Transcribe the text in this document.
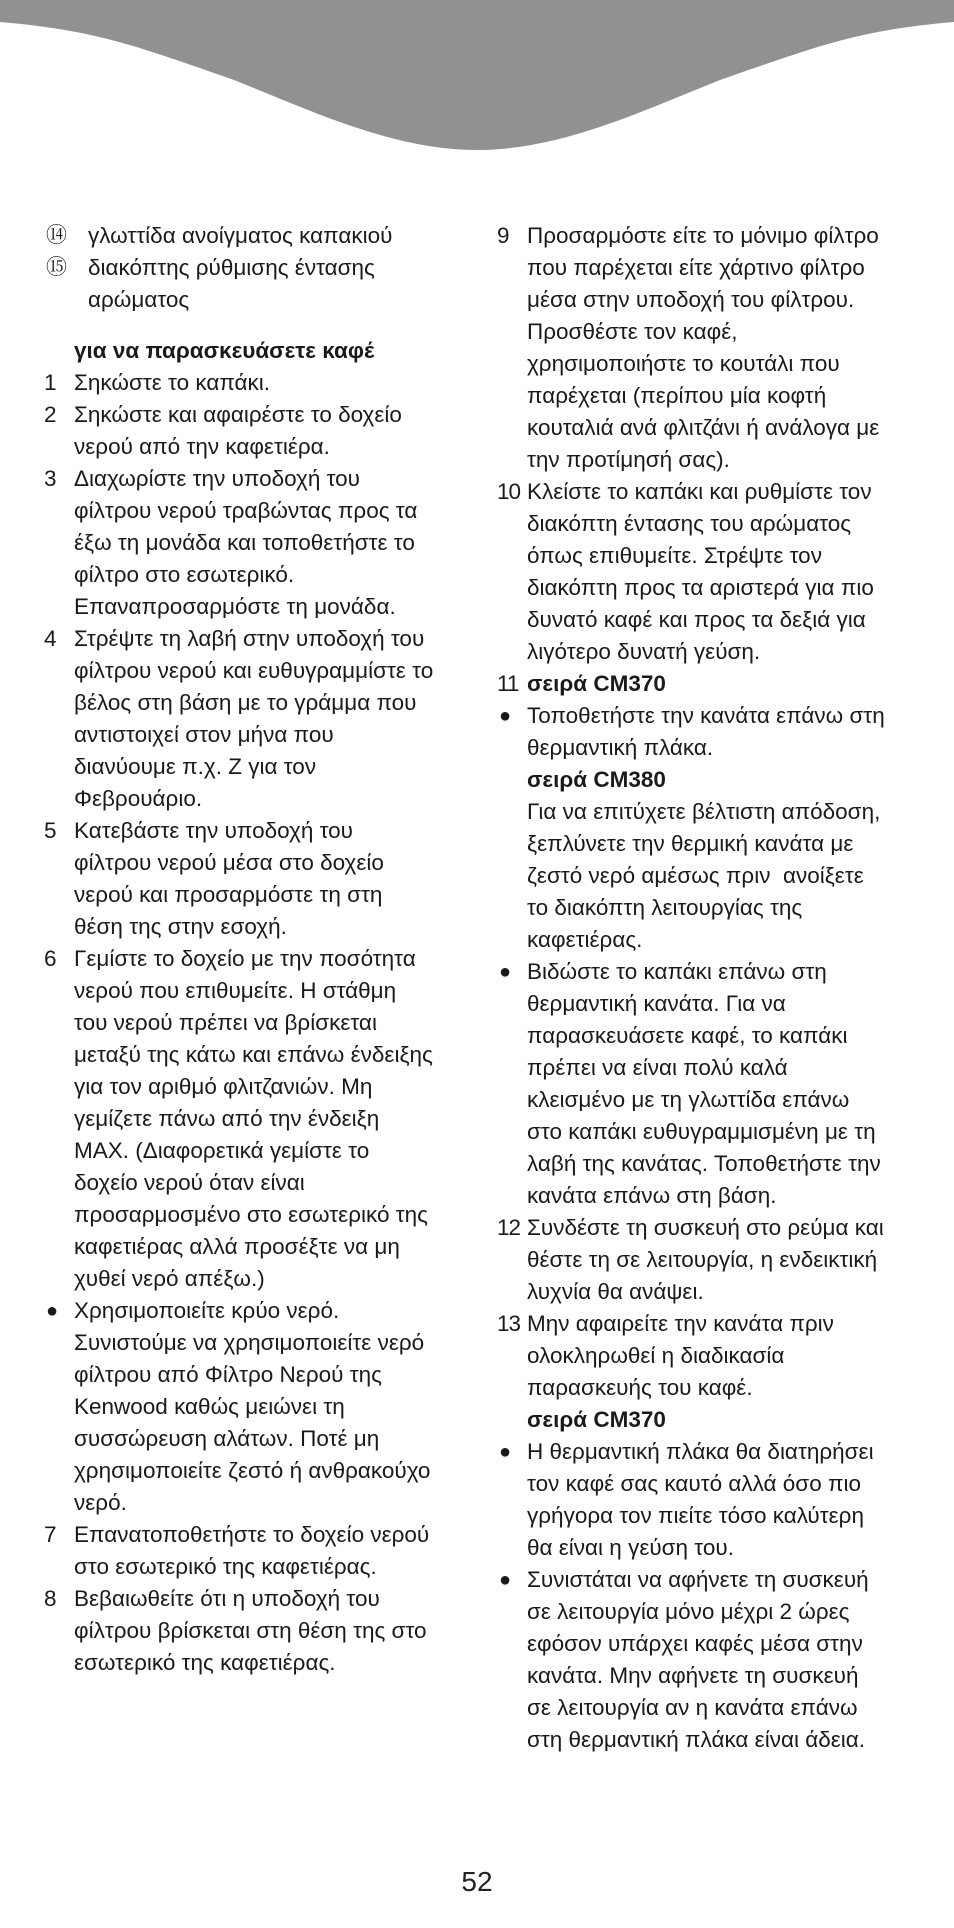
⑭ γλωττίδα ανοίγματος καπακιού
⑮ διακόπτης ρύθμισης έντασης
αρώματος
για να παρασκευάσετε καφέ
1 Σηκώστε το καπάκι.
2 Σηκώστε και αφαιρέστε το δοχείο
νερού από την καφετιέρα.
3 Διαχωρίστε την υποδοχή του
φίλτρου νερού τραβώντας προς τα
έξω τη μονάδα και τοποθετήστε το
φίλτρο στο εσωτερικό.
Επαναπροσαρμόστε τη μονάδα.
4 Στρέψτε τη λαβή στην υποδοχή του
φίλτρου νερού και ευθυγραμμίστε το
βέλος στη βάση με το γράμμα που
αντιστοιχεί στον μήνα που
διανύουμε π.χ. Z για τον
Φεβρουάριο.
5 Κατεβάστε την υποδοχή του
φίλτρου νερού μέσα στο δοχείο
νερού και προσαρμόστε τη στη
θέση της στην εσοχή.
6 Γεμίστε το δοχείο με την ποσότητα
νερού που επιθυμείτε. Η στάθμη
του νερού πρέπει να βρίσκεται
μεταξύ της κάτω και επάνω ένδειξης
για τον αριθμό φλιτζανιών. Μη
γεμίζετε πάνω από την ένδειξη
MAX. (Διαφορετικά γεμίστε το
δοχείο νερού όταν είναι
προσαρμοσμένο στο εσωτερικό της
καφετιέρας αλλά προσέξτε να μη
χυθεί νερό απέξω.)
● Χρησιμοποιείτε κρύο νερό.
Συνιστούμε να χρησιμοποιείτε νερό
φίλτρου από Φίλτρο Νερού της
Kenwood καθώς μειώνει τη
συσσώρευση αλάτων. Ποτέ μη
χρησιμοποιείτε ζεστό ή ανθρακούχο
νερό.
7 Επανατοποθετήστε το δοχείο νερού
στο εσωτερικό της καφετιέρας.
8 Βεβαιωθείτε ότι η υποδοχή του
φίλτρου βρίσκεται στη θέση της στο
εσωτερικό της καφετιέρας.
9 Προσαρμόστε είτε το μόνιμο φίλτρο
που παρέχεται είτε χάρτινο φίλτρο
μέσα στην υποδοχή του φίλτρου.
Προσθέστε τον καφέ,
χρησιμοποιήστε το κουτάλι που
παρέχεται (περίπου μία κοφτή
κουταλιά ανά φλιτζάνι ή ανάλογα με
την προτίμησή σας).
10 Κλείστε το καπάκι και ρυθμίστε τον
διακόπτη έντασης του αρώματος
όπως επιθυμείτε. Στρέψτε τον
διακόπτη προς τα αριστερά για πιο
δυνατό καφέ και προς τα δεξιά για
λιγότερο δυνατή γεύση.
11 σειρά CM370
● Τοποθετήστε την κανάτα επάνω στη
θερμαντική πλάκα.
σειρά CM380
Για να επιτύχετε βέλτιστη απόδοση,
ξεπλύνετε την θερμική κανάτα με
ζεστό νερό αμέσως πριν  ανοίξετε
το διακόπτη λειτουργίας της
καφετιέρας.
● Βιδώστε το καπάκι επάνω στη
θερμαντική κανάτα. Για να
παρασκευάσετε καφέ, το καπάκι
πρέπει να είναι πολύ καλά
κλεισμένο με τη γλωττίδα επάνω
στο καπάκι ευθυγραμμισμένη με τη
λαβή της κανάτας. Τοποθετήστε την
κανάτα επάνω στη βάση.
12 Συνδέστε τη συσκευή στο ρεύμα και
θέστε τη σε λειτουργία, η ενδεικτική
λυχνία θα ανάψει.
13 Μην αφαιρείτε την κανάτα πριν
ολοκληρωθεί η διαδικασία
παρασκευής του καφέ.
σειρά CM370
● Η θερμαντική πλάκα θα διατηρήσει
τον καφέ σας καυτό αλλά όσο πιο
γρήγορα τον πιείτε τόσο καλύτερη
θα είναι η γεύση του.
● Συνιστάται να αφήνετε τη συσκευή
σε λειτουργία μόνο μέχρι 2 ώρες
εφόσον υπάρχει καφές μέσα στην
κανάτα. Μην αφήνετε τη συσκευή
σε λειτουργία αν η κανάτα επάνω
στη θερμαντική πλάκα είναι άδεια.
52
